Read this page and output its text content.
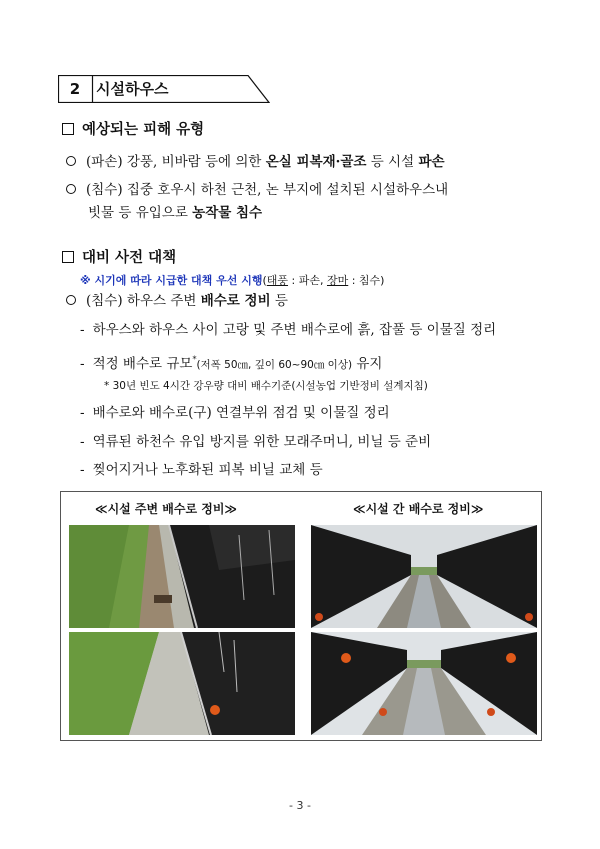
2	시설하우스
예상되는 피해 유형
(파손) 강풍, 비바람 등에 의한 온실 피복재·골조 등 시설 파손
(침수) 집중 호우시 하천 근천, 논 부지에 설치된 시설하우스내
빗물 등 유입으로 농작물 침수
대비 사전 대책
※ 시기에 따라 시급한 대책 우선 시행(태풍 : 파손, 장마 : 침수)
(침수) 하우스 주변 배수로 정비 등
- 하우스와 하우스 사이 고랑 및 주변 배수로에 흙, 잡풀 등 이물질 정리
- 적정 배수로 규모*(저폭 50㎝, 깊이 60~90㎝ 이상) 유지
* 30년 빈도 4시간 강우량 대비 배수기준(시설농업 기반정비 설계지침)
- 배수로와 배수로(구) 연결부위 점검 및 이물질 정리
- 역류된 하천수 유입 방지를 위한 모래주머니, 비닐 등 준비
- 찢어지거나 노후화된 피복 비닐 교체 등
≪시설 주변 배수로 정비≫	≪시설 간 배수로 정비≫
- 3 -
